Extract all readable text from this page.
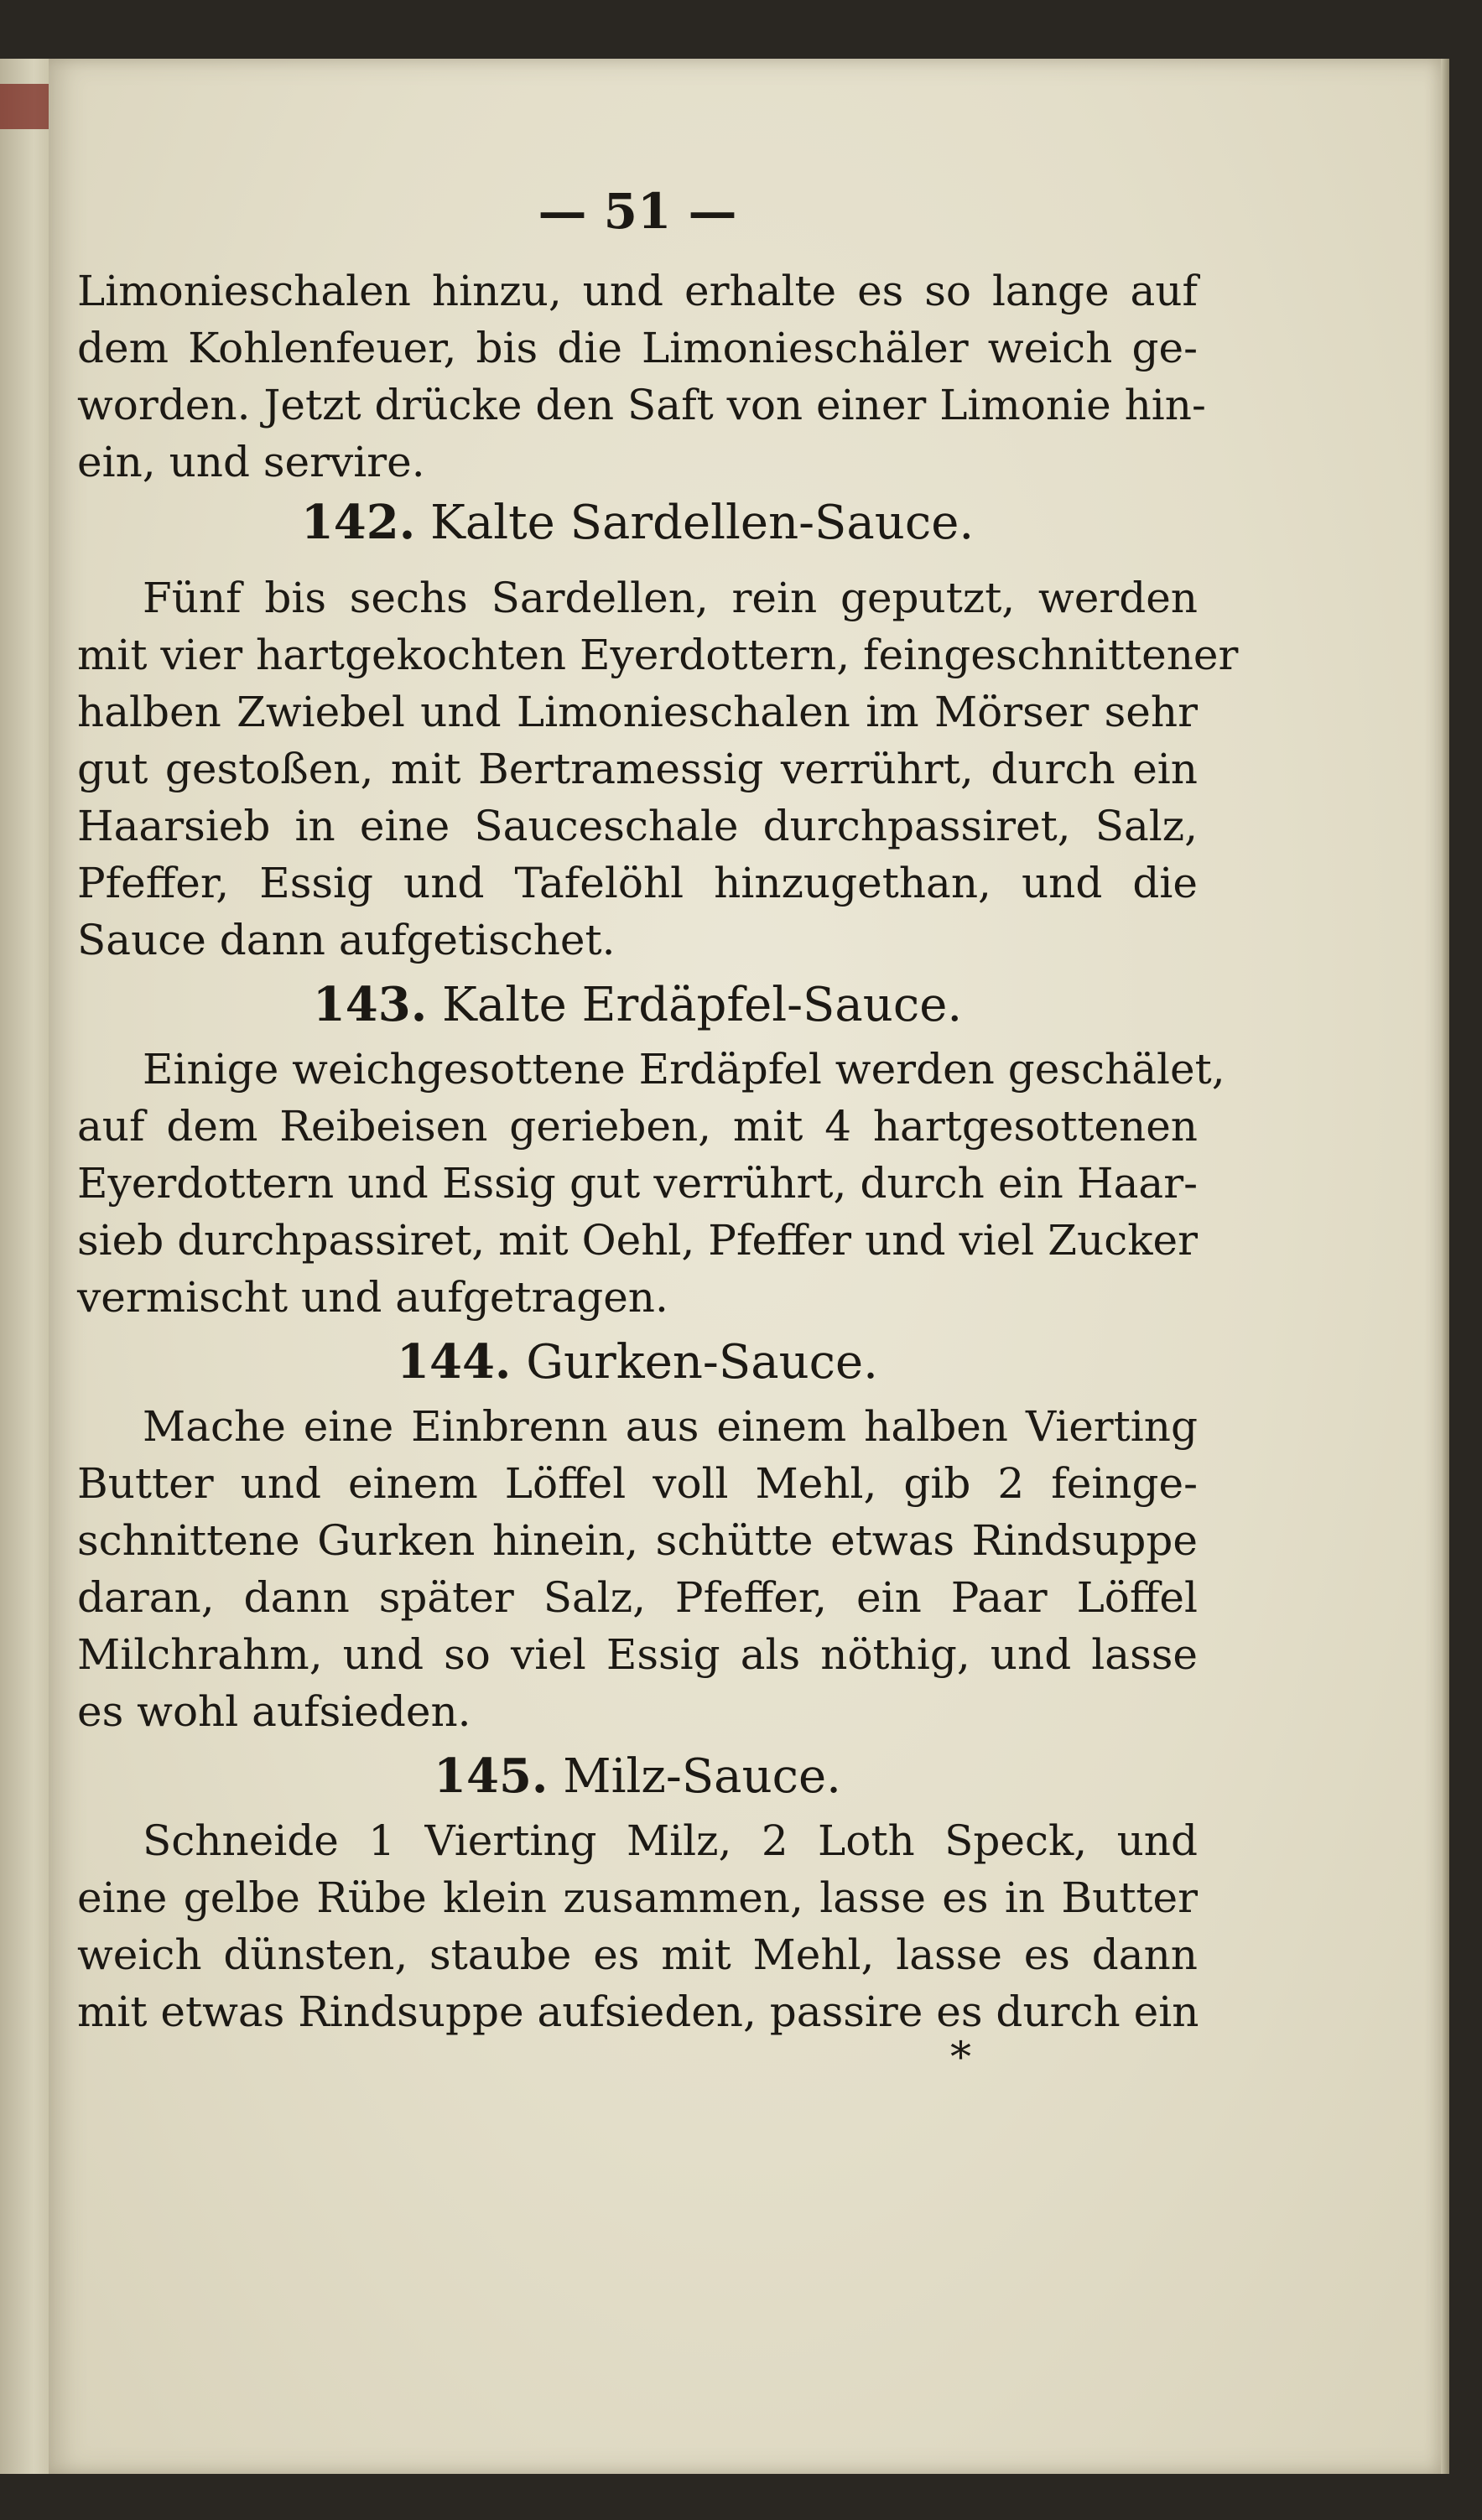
— 51 —
Limonieschalen hinzu, und erhalte es so lange auf
dem Kohlenfeuer, bis die Limonieschäler weich ge-
worden. Jetzt drücke den Saft von einer Limonie hin-
ein, und servire.
142. Kalte Sardellen-Sauce.
Fünf bis sechs Sardellen, rein geputzt, werden
mit vier hartgekochten Eyerdottern, feingeschnittener
halben Zwiebel und Limonieschalen im Mörser sehr
gut gestoßen, mit Bertramessig verrührt, durch ein
Haarsieb in eine Sauceschale durchpassiret, Salz,
Pfeffer, Essig und Tafelöhl hinzugethan, und die
Sauce dann aufgetischet.
143. Kalte Erdäpfel-Sauce.
Einige weichgesottene Erdäpfel werden geschälet,
auf dem Reibeisen gerieben, mit 4 hartgesottenen
Eyerdottern und Essig gut verrührt, durch ein Haar-
sieb durchpassiret, mit Oehl, Pfeffer und viel Zucker
vermischt und aufgetragen.
144. Gurken-Sauce.
Mache eine Einbrenn aus einem halben Vierting
Butter und einem Löffel voll Mehl, gib 2 feinge-
schnittene Gurken hinein, schütte etwas Rindsuppe
daran, dann später Salz, Pfeffer, ein Paar Löffel
Milchrahm, und so viel Essig als nöthig, und lasse
es wohl aufsieden.
145. Milz-Sauce.
Schneide 1 Vierting Milz, 2 Loth Speck, und
eine gelbe Rübe klein zusammen, lasse es in Butter
weich dünsten, staube es mit Mehl, lasse es dann
mit etwas Rindsuppe aufsieden, passire es durch ein
*
